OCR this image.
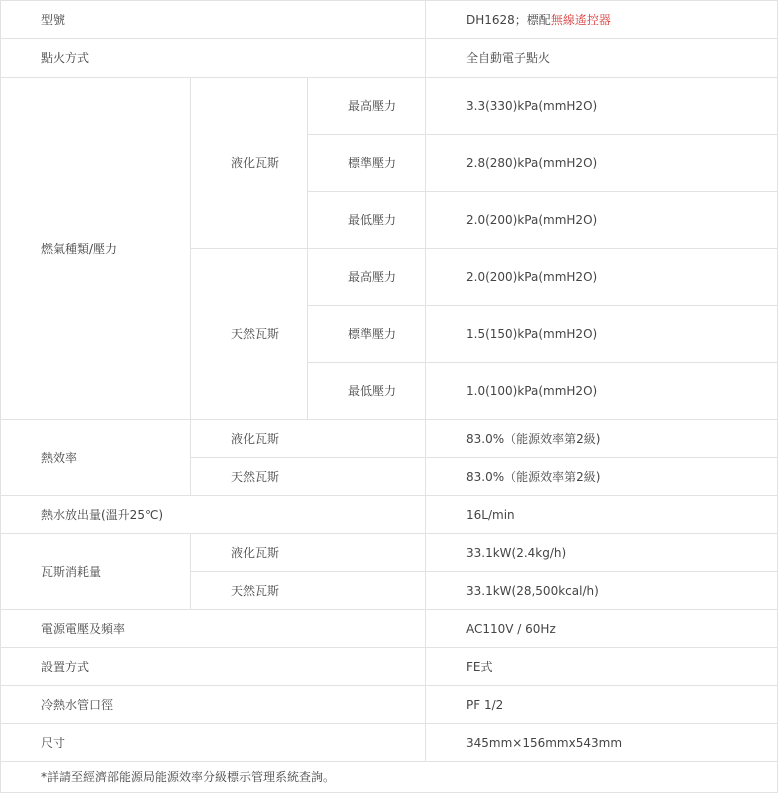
型號			DH1628；標配無線遙控器
點火方式			全自動電子點火
燃氣種類/壓力	液化瓦斯	最高壓力	3.3(330)kPa(mmH2O)
		標準壓力	2.8(280)kPa(mmH2O)
		最低壓力	2.0(200)kPa(mmH2O)
	天然瓦斯	最高壓力	2.0(200)kPa(mmH2O)
		標準壓力	1.5(150)kPa(mmH2O)
		最低壓力	1.0(100)kPa(mmH2O)
熱效率	液化瓦斯		83.0%（能源效率第2級)
	天然瓦斯		83.0%（能源效率第2級)
熱水放出量(溫升25℃)			16L/min
瓦斯消耗量	液化瓦斯		33.1kW(2.4kg/h)
	天然瓦斯		33.1kW(28,500kcal/h)
電源電壓及頻率			AC110V / 60Hz
設置方式			FE式
冷熱水管口徑			PF 1/2
尺寸			345mm×156mmx543mm
*詳請至經濟部能源局能源效率分級標示管理系統查詢。			
